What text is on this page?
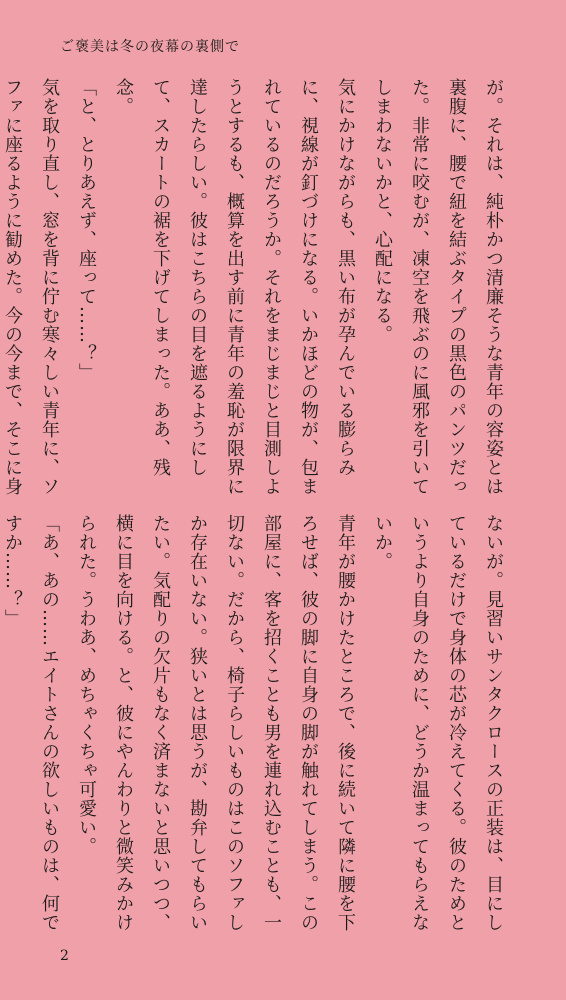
ご褒美は冬の夜幕の裏側で

が。それは、純朴かつ清廉そうな青年の容姿とは裏腹に、腰で紐を結ぶタイプの黒色のパンツだった。非常に咬むが、凍空を飛ぶのに風邪を引いてしまわないかと、心配になる。

気にかけながらも、黒い布が孕んでいる膨らみに、視線が釘づけになる。いかほどの物が、包まれているのだろうか。それをまじまじと目測しようとするも、概算を出す前に青年の羞恥が限界に達したらしい。彼はこちらの目を遮るようにして、スカートの裾を下げてしまった。ああ、残念。

「と、とりあえず、座って……？」

気を取り直し、窓を背に佇む寒々しい青年に、ソファに座るように勧めた。今の今まで、そこに身

ないが。見習いサンタクロースの正装は、目にしているだけで身体の芯が冷えてくる。彼のためというより自身のために、どうか温まってもらえないか。

青年が腰かけたところで、後に続いて隣に腰を下ろせば、彼の脚に自身の脚が触れてしまう。この部屋に、客を招くことも男を連れ込むことも、一切ない。だから、椅子らしいものはこのソファしか存在いない。狭いとは思うが、勘弁してもらいたい。気配りの欠片もなく済まないと思いつつ、横に目を向ける。と、彼にやんわりと微笑みかけられた。うわあ、めちゃくちゃ可愛い。

「あ、あの……エイトさんの欲しいものは、何ですか……？」

2
